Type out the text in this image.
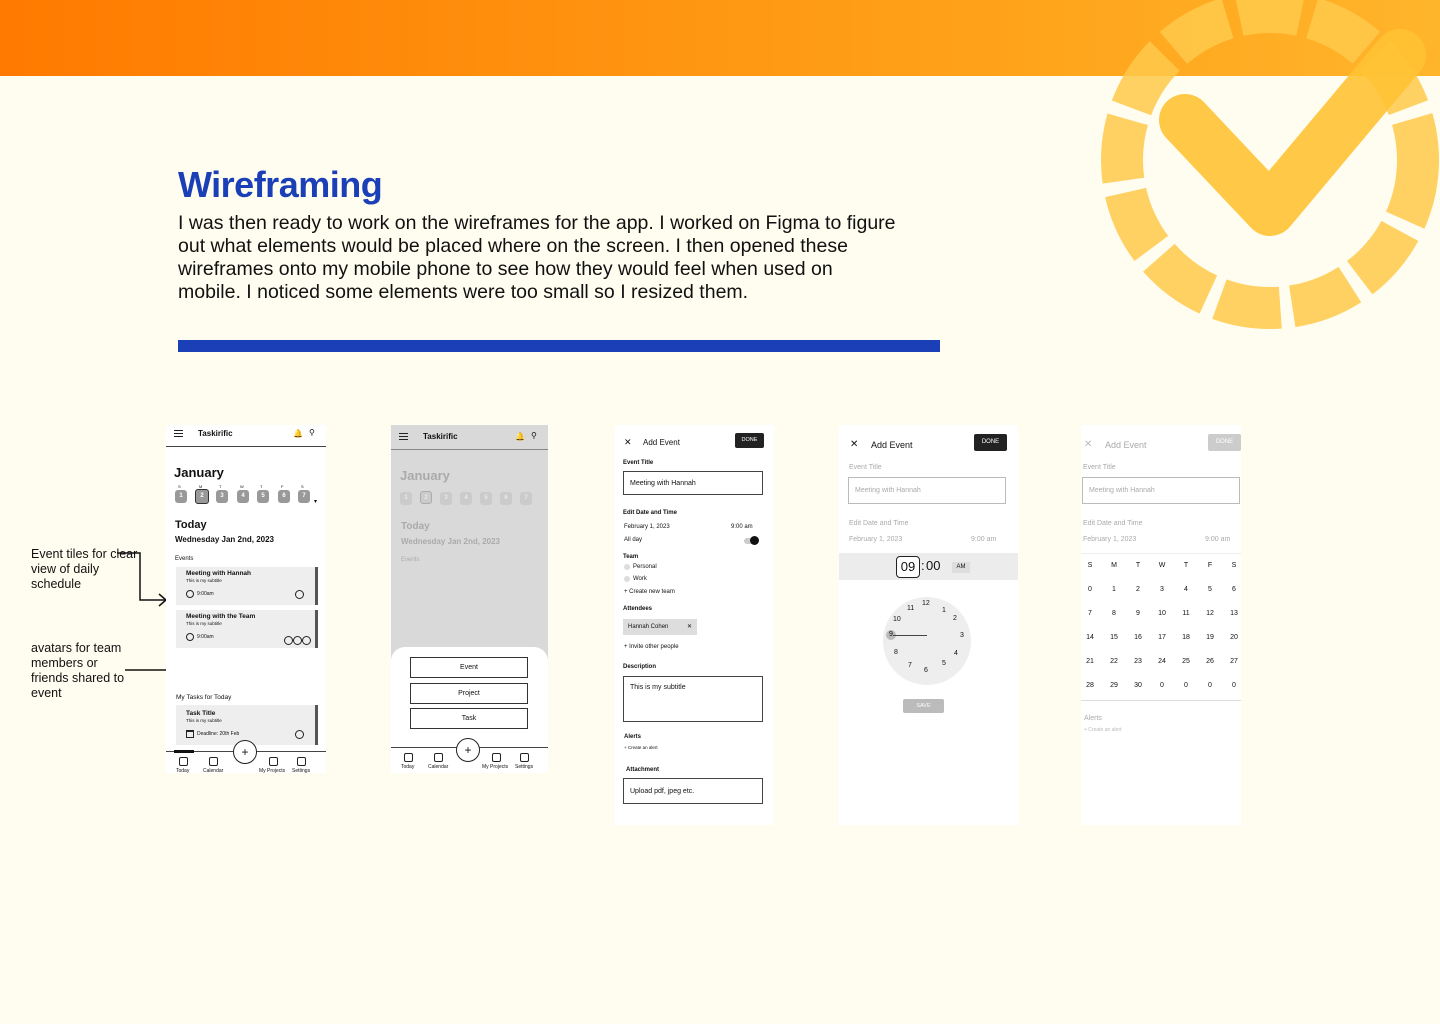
Wireframing
I was then ready to work on the wireframes for the app. I worked on Figma to figure out what elements would be placed where on the screen. I then opened these wireframes onto my mobile phone to see how they would feel when used on mobile. I noticed some elements were too small so I resized them.
Event tiles for clear view of daily schedule
avatars for team members or friends shared to event
Taskirific	🔔 ⚲
January
S	M	T	W	T	F	S
1	2	3	4	5	6	7
▾
Today
Wednesday Jan 2nd, 2023
Events
Meeting with Hannah
This is my subtitle
9:00am
Meeting with the Team
This is my subtitle
9:00am
My Tasks for Today
Task Title
This is my subtitle
Deadline: 20th Feb
+
Today	Calendar	My Projects Settings
Taskirific	🔔 ⚲
January
1	2	3	4	5	6	7
Today
Wednesday Jan 2nd, 2023
Events
Event
Project
Task
+
Today	Calendar	My Projects Settings
✕ Add Event	DONE
Event Title
Meeting with Hannah
Edit Date and Time
February 1, 2023	9:00 am
All day
Team
Personal
Work
+ Create new team
Attendees
Hannah Cohen	✕
+ Invite other people
Description
This is my subtitle
Alerts
+ Create an alert
Attachment
Upload pdf, jpeg etc.
✕ Add Event	DONE
Event Title
Meeting with Hannah
Edit Date and Time
February 1, 2023	9:00 am
09 : 00	AM
12
1
2
3
4
5
6
7
8
9
10
11
SAVE
✕ Add Event	DONE
Event Title
Meeting with Hannah
Edit Date and Time
February 1, 2023	9:00 am
S	M	T	W	T	F	S
0	1	2	3	4	5	6
7	8	9	10	11	12	13
14	15	16	17	18	19	20
21	22	23	24	25	26	27
28	29	30	0	0	0	0
Alerts
+ Create an alert
